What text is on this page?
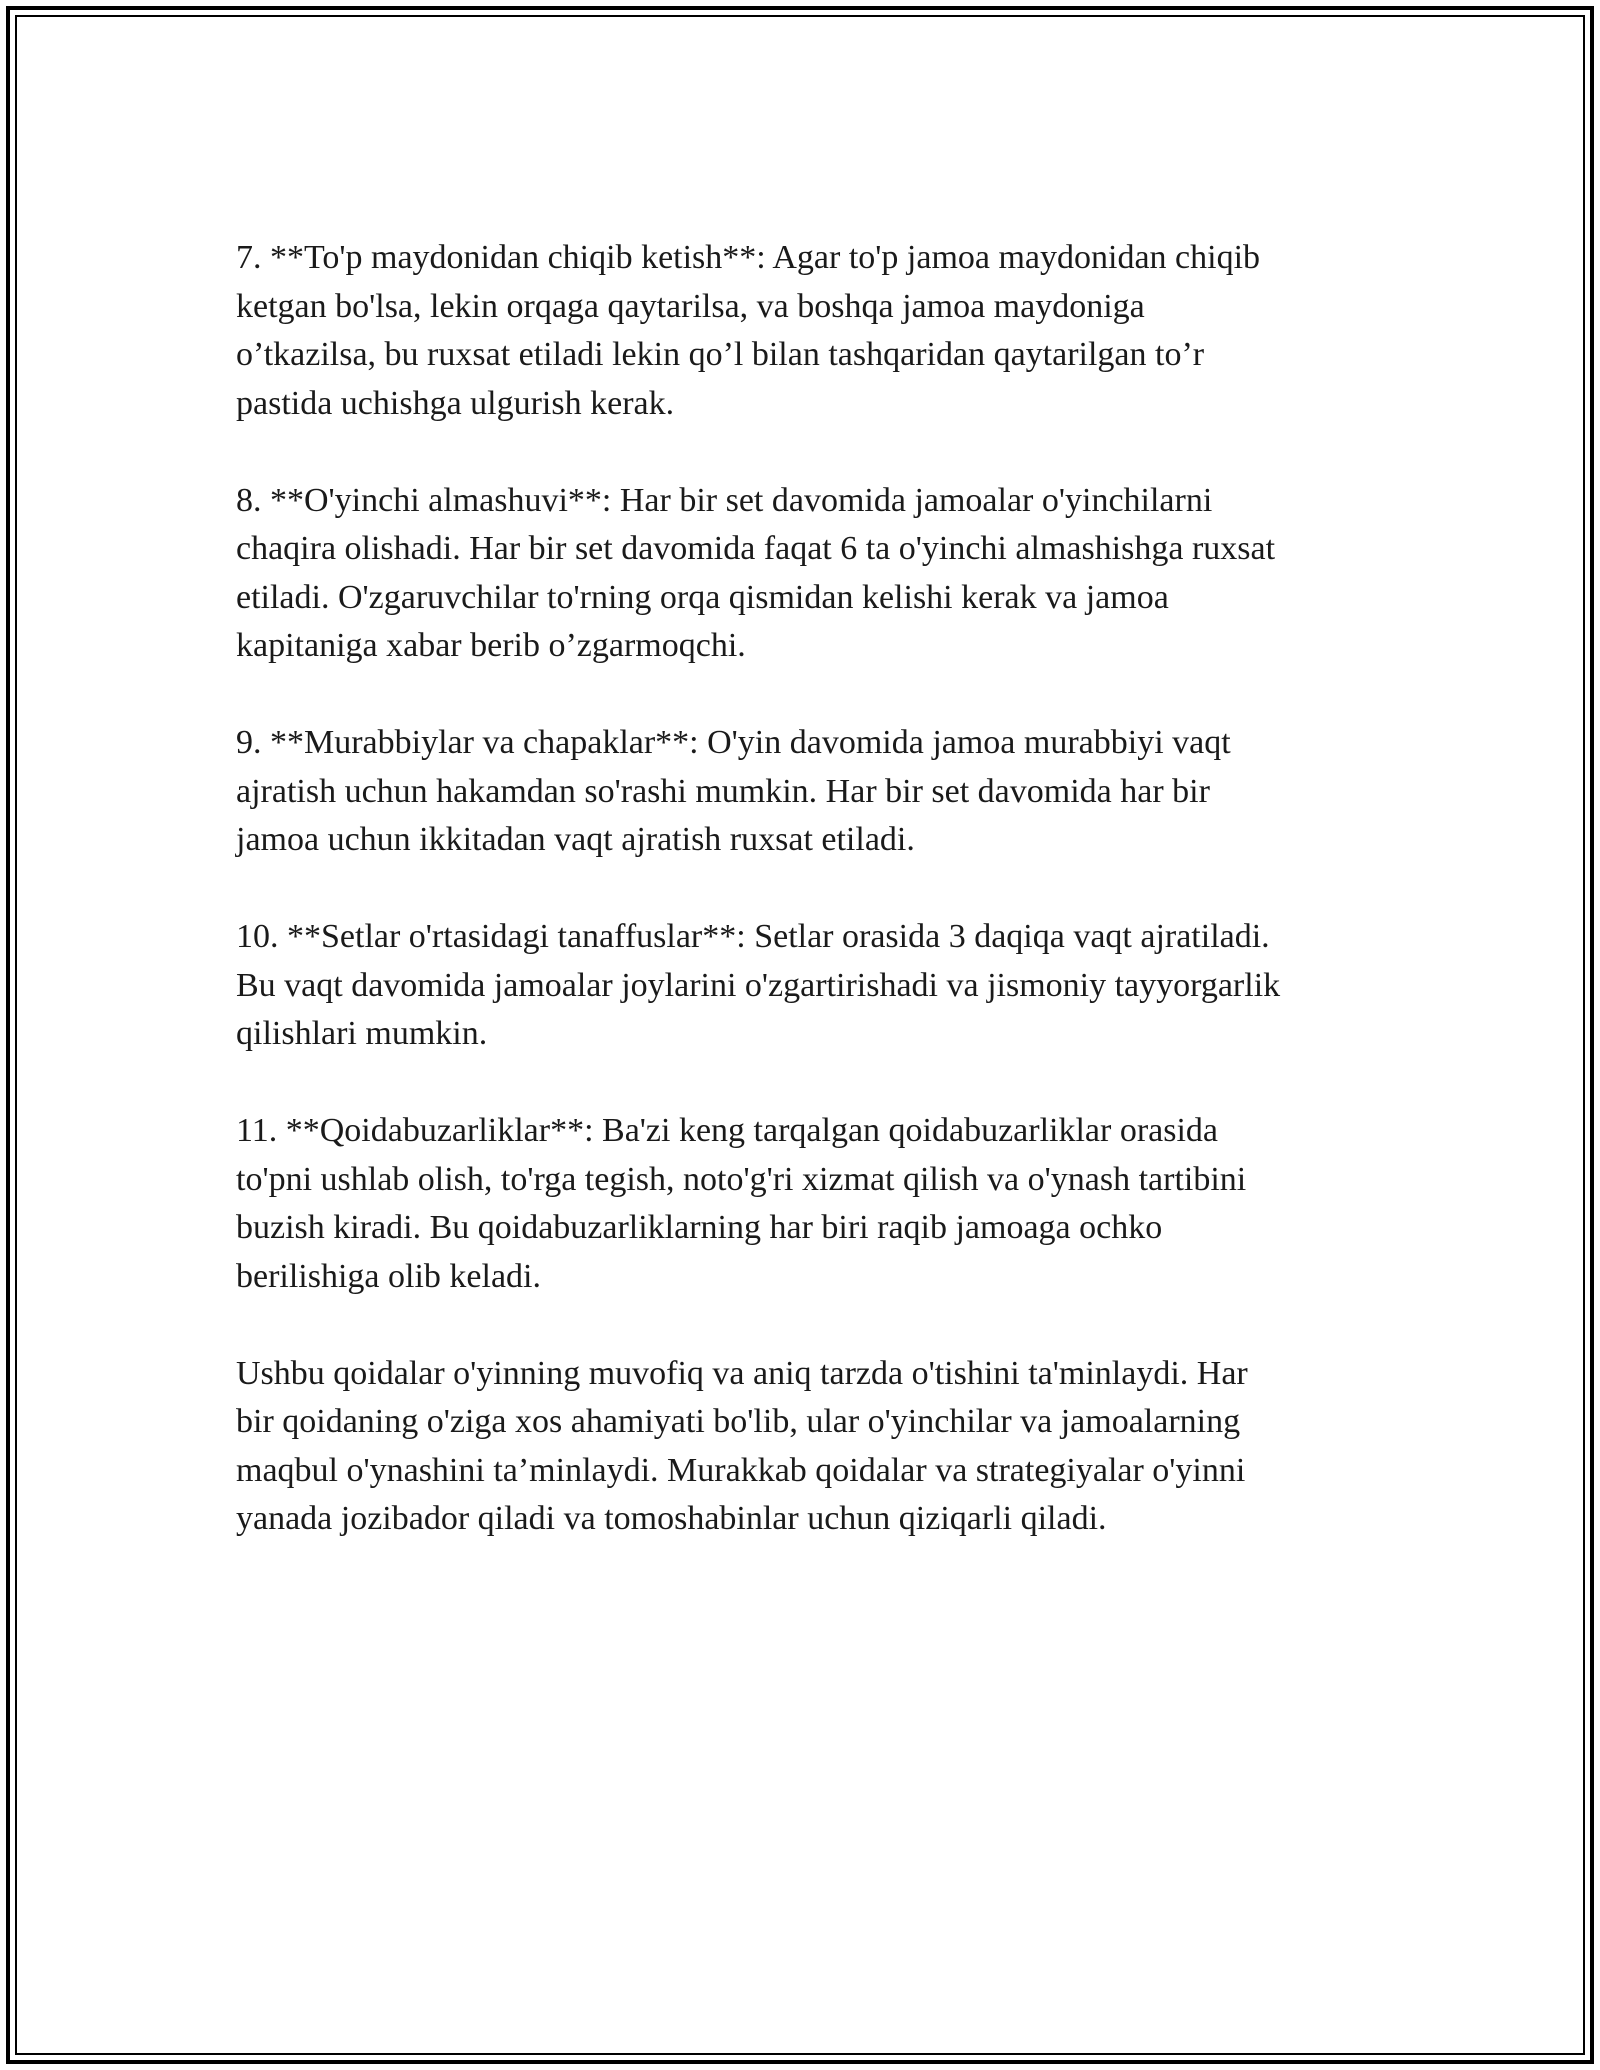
7. **To'p maydonidan chiqib ketish**: Agar to'p jamoa maydonidan chiqib
ketgan bo'lsa, lekin orqaga qaytarilsa, va boshqa jamoa maydoniga
o’tkazilsa, bu ruxsat etiladi lekin qo’l bilan tashqaridan qaytarilgan to’r
pastida uchishga ulgurish kerak.

8. **O'yinchi almashuvi**: Har bir set davomida jamoalar o'yinchilarni
chaqira olishadi. Har bir set davomida faqat 6 ta o'yinchi almashishga ruxsat
etiladi. O'zgaruvchilar to'rning orqa qismidan kelishi kerak va jamoa
kapitaniga xabar berib o’zgarmoqchi.

9. **Murabbiylar va chapaklar**: O'yin davomida jamoa murabbiyi vaqt
ajratish uchun hakamdan so'rashi mumkin. Har bir set davomida har bir
jamoa uchun ikkitadan vaqt ajratish ruxsat etiladi.

10. **Setlar o'rtasidagi tanaffuslar**: Setlar orasida 3 daqiqa vaqt ajratiladi.
Bu vaqt davomida jamoalar joylarini o'zgartirishadi va jismoniy tayyorgarlik
qilishlari mumkin.

11. **Qoidabuzarliklar**: Ba'zi keng tarqalgan qoidabuzarliklar orasida
to'pni ushlab olish, to'rga tegish, noto'g'ri xizmat qilish va o'ynash tartibini
buzish kiradi. Bu qoidabuzarliklarning har biri raqib jamoaga ochko
berilishiga olib keladi.

Ushbu qoidalar o'yinning muvofiq va aniq tarzda o'tishini ta'minlaydi. Har
bir qoidaning o'ziga xos ahamiyati bo'lib, ular o'yinchilar va jamoalarning
maqbul o'ynashini ta’minlaydi. Murakkab qoidalar va strategiyalar o'yinni
yanada jozibador qiladi va tomoshabinlar uchun qiziqarli qiladi.
